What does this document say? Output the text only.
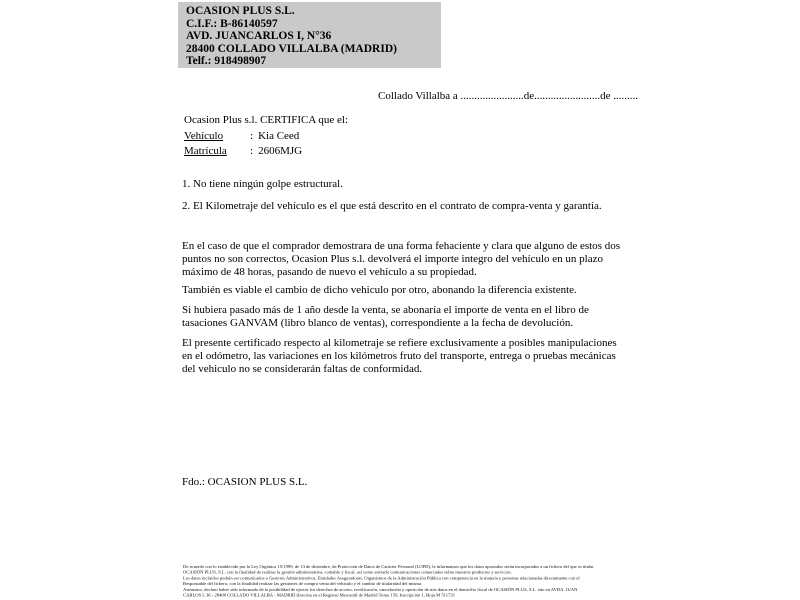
OCASION PLUS S.L.
C.I.F.: B-86140597
AVD. JUANCARLOS I, N°36
28400 COLLADO VILLALBA (MADRID)
Telf.: 918498907
Collado Villalba a .......................de........................de .........
Ocasion Plus s.l. CERTIFICA que el:
Vehículo : Kia Ceed
Matrícula : 2606MJG
1. No tiene ningún golpe estructural.
2. El Kilometraje del vehículo es el que está descrito en el contrato de compra-venta y garantía.
En el caso de que el comprador demostrara de una forma fehaciente y clara que alguno de estos dos puntos no son correctos, Ocasion Plus s.l. devolverá el importe integro del vehículo en un plazo máximo de 48 horas, pasando de nuevo el vehículo a su propiedad.
También es viable el cambio de dicho vehiculo por otro, abonando la diferencia existente.
Si hubiera pasado más de 1 año desde la venta, se abonaría el importe de venta en el libro de tasaciones GANVAM (libro blanco de ventas), correspondiente a la fecha de devolución.
El presente certificado respecto al kilometraje se refiere exclusivamente a posibles manipulaciones en el odómetro, las variaciones en los kilómetros fruto del transporte, entrega o pruebas mecánicas del vehiculo no se considerarán faltas de conformidad.
Fdo.: OCASION PLUS S.L.
De acuerdo con lo establecido por la Ley Orgánica 15/1999, de 13 de diciembre, de Protección de Datos de Carácter Personal (LOPD), le informamos que los datos aportados serán incorporados a un fichero del que es titular
OCASIÓN PLUS, S.L. con la finalidad de realizar la gestión administrativa, contable y fiscal, así como enviarle comunicaciones comerciales sobre nuestros productos y servicios.
Los datos incluidos podrán ser comunicados a Gestores Administrativos, Entidades Aseguradoras, Organismos de la Administración Pública con competencia en la materia y personas relacionadas directamente con el
Responsable del fichero, con la finalidad realizar las gestiones de compra venta del vehículo y el cambio de titularidad del mismo.
Asimismo, declaro haber sido informado de la posibilidad de ejercer los derechos de acceso, rectificación, cancelación y oposición de mis datos en el domicilio fiscal de OCASIÓN PLUS, S.L. sito en AVDA. JUAN
CARLOS I, 36 - 28400 COLLADO VILLALBA - MADRID (Inscrita en el Registro Mercantil de Madrid Tomo 150, Inscripción 1, Hoja M 511731
